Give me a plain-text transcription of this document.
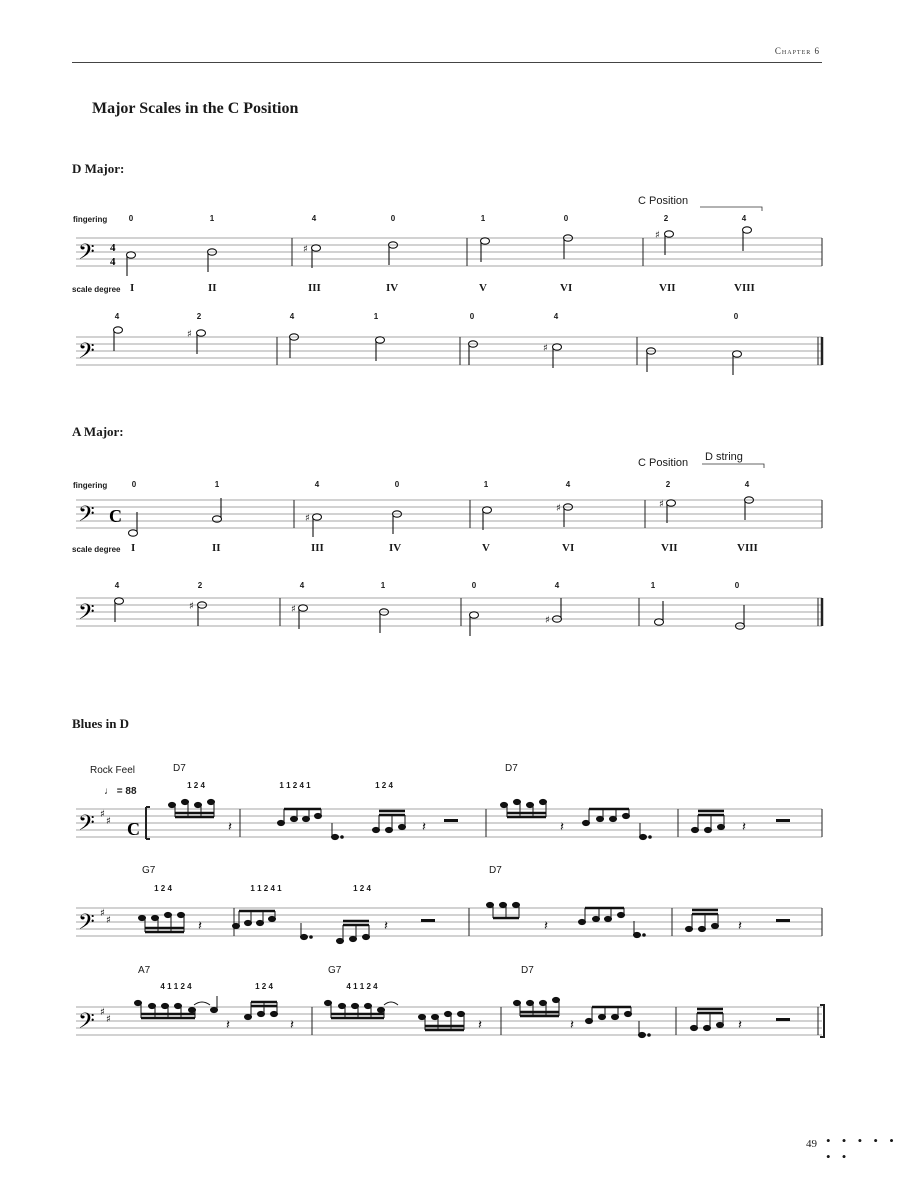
Chapter 6
Major Scales in the C Position
D Major:
C Position
fingering	0	1	4	0	1	0	2	4
𝄢 4
4
♯
♯
scale degree I	II	III	IV	V	VI	VII	VIII
4	2	4	1	0	4	0
𝄢
♯
♯
A Major:
C Position D string
fingering	0	1	4	0	1	4	2	4
𝄢 C	♯
♯	♯
scale degree I	II	III	IV	V	VI	VII	VIII
4	2	4	1	0	4	1	0
𝄢	♯	♯
♯
Blues in D
Rock Feel
♩ = 88
D7	D7
1 2 4	1 1 2 4 1	1 2 4
𝄢 ♯
♯ C	𝄽	𝄽	𝄽	𝄽
G7	D7
1 2 4	1 1 2 4 1	1 2 4
𝄢 ♯
♯	𝄽	𝄽	𝄽	𝄽
A7	G7	D7
4 1 1 2 4	1 2 4	4 1 1 2 4
𝄢 ♯
♯	𝄽	𝄽	𝄽	𝄽	𝄽
49 • • • • • • •
